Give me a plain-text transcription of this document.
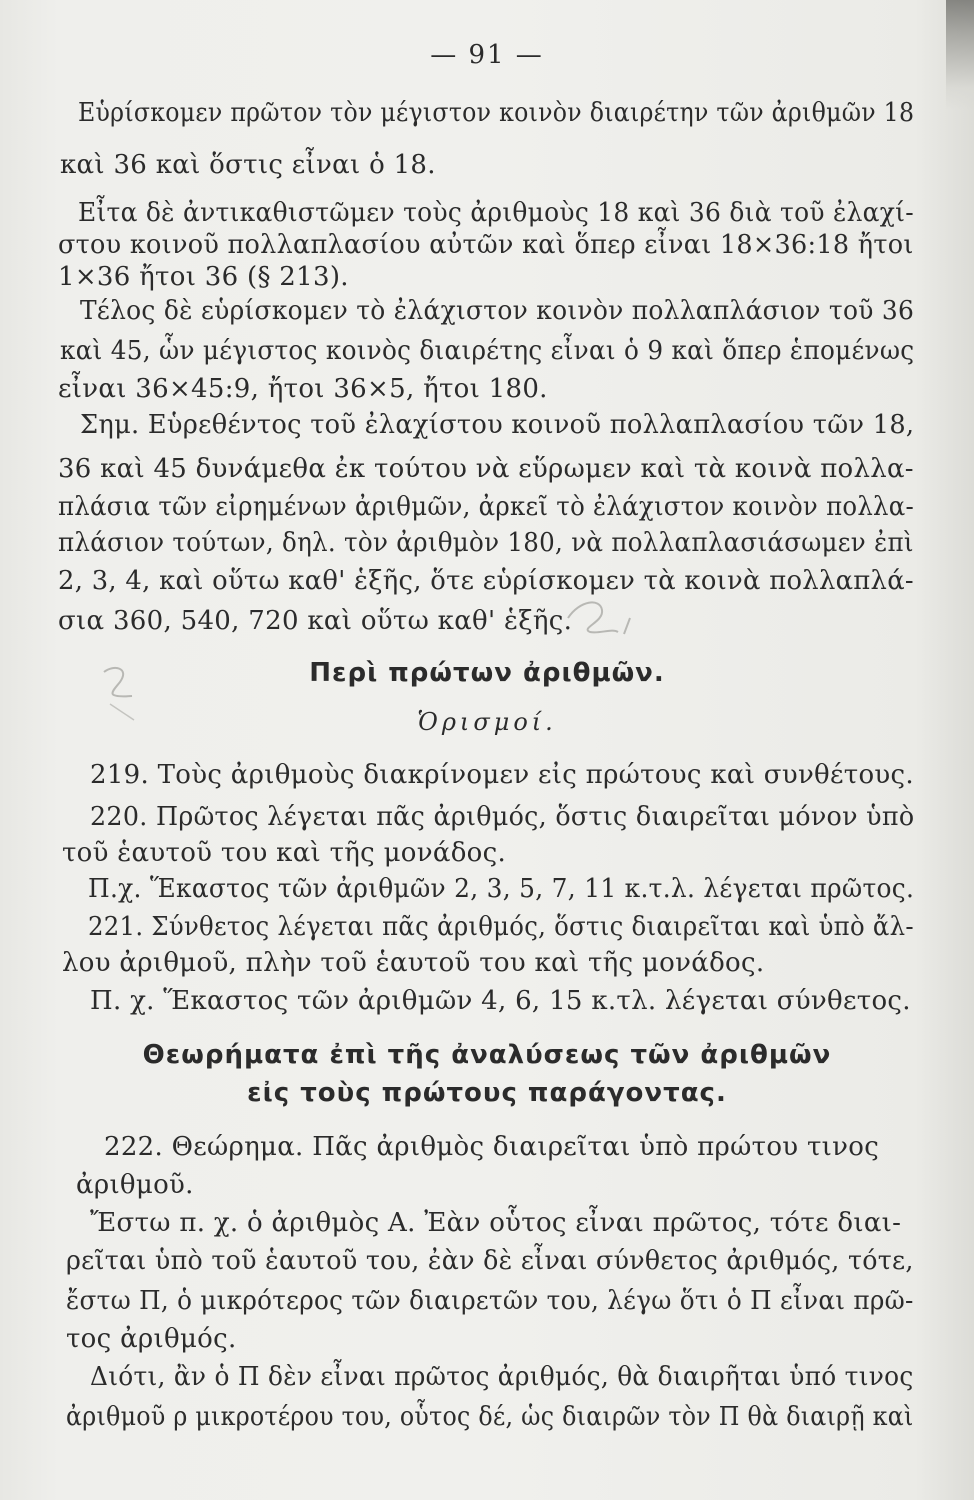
— 91 —
Εὑρίσκομεν πρῶτον τὸν μέγιστον κοινὸν διαιρέτην τῶν ἀριθμῶν 18
καὶ 36 καὶ ὅστις εἶναι ὁ 18.
Εἶτα δὲ ἀντικαθιστῶμεν τοὺς ἀριθμοὺς 18 καὶ 36 διὰ τοῦ ἐλαχί-
στου κοινοῦ πολλαπλασίου αὐτῶν καὶ ὅπερ εἶναι 18×36:18 ἤτοι
1×36 ἤτοι 36 (§ 213).
Τέλος δὲ εὑρίσκομεν τὸ ἐλάχιστον κοινὸν πολλαπλάσιον τοῦ 36
καὶ 45, ὧν μέγιστος κοινὸς διαιρέτης εἶναι ὁ 9 καὶ ὅπερ ἑπομένως
εἶναι 36×45:9, ἤτοι 36×5, ἤτοι 180.
Σημ. Εὑρεθέντος τοῦ ἐλαχίστου κοινοῦ πολλαπλασίου τῶν 18,
36 καὶ 45 δυνάμεθα ἐκ τούτου νὰ εὕρωμεν καὶ τὰ κοινὰ πολλα-
πλάσια τῶν εἰρημένων ἀριθμῶν, ἀρκεῖ τὸ ἐλάχιστον κοινὸν πολλα-
πλάσιον τούτων, δηλ. τὸν ἀριθμὸν 180, νὰ πολλαπλασιάσωμεν ἐπὶ
2, 3, 4, καὶ οὕτω καθ' ἑξῆς, ὅτε εὑρίσκομεν τὰ κοινὰ πολλαπλά-
σια 360, 540, 720 καὶ οὕτω καθ' ἑξῆς.
Περὶ πρώτων ἀριθμῶν.
Ὁρισμοί.
219. Τοὺς ἀριθμοὺς διακρίνομεν εἰς πρώτους καὶ συνθέτους.
220. Πρῶτος λέγεται πᾶς ἀριθμός, ὅστις διαιρεῖται μόνον ὑπὸ
τοῦ ἑαυτοῦ του καὶ τῆς μονάδος.
Π.χ. Ἕκαστος τῶν ἀριθμῶν 2, 3, 5, 7, 11 κ.τ.λ. λέγεται πρῶτος.
221. Σύνθετος λέγεται πᾶς ἀριθμός, ὅστις διαιρεῖται καὶ ὑπὸ ἄλ-
λου ἀριθμοῦ, πλὴν τοῦ ἑαυτοῦ του καὶ τῆς μονάδος.
Π. χ. Ἕκαστος τῶν ἀριθμῶν 4, 6, 15 κ.τλ. λέγεται σύνθετος.
Θεωρήματα ἐπὶ τῆς ἀναλύσεως τῶν ἀριθμῶν
εἰς τοὺς πρώτους παράγοντας.
222. Θεώρημα. Πᾶς ἀριθμὸς διαιρεῖται ὑπὸ πρώτου τινος
ἀριθμοῦ.
Ἔστω π. χ. ὁ ἀριθμὸς Α. Ἐὰν οὗτος εἶναι πρῶτος, τότε διαι-
ρεῖται ὑπὸ τοῦ ἑαυτοῦ του, ἐὰν δὲ εἶναι σύνθετος ἀριθμός, τότε,
ἔστω Π, ὁ μικρότερος τῶν διαιρετῶν του, λέγω ὅτι ὁ Π εἶναι πρῶ-
τος ἀριθμός.
Διότι, ἂν ὁ Π δὲν εἶναι πρῶτος ἀριθμός, θὰ διαιρῆται ὑπό τινος
ἀριθμοῦ ρ μικροτέρου του, οὗτος δέ, ὡς διαιρῶν τὸν Π θὰ διαιρῇ καὶ
